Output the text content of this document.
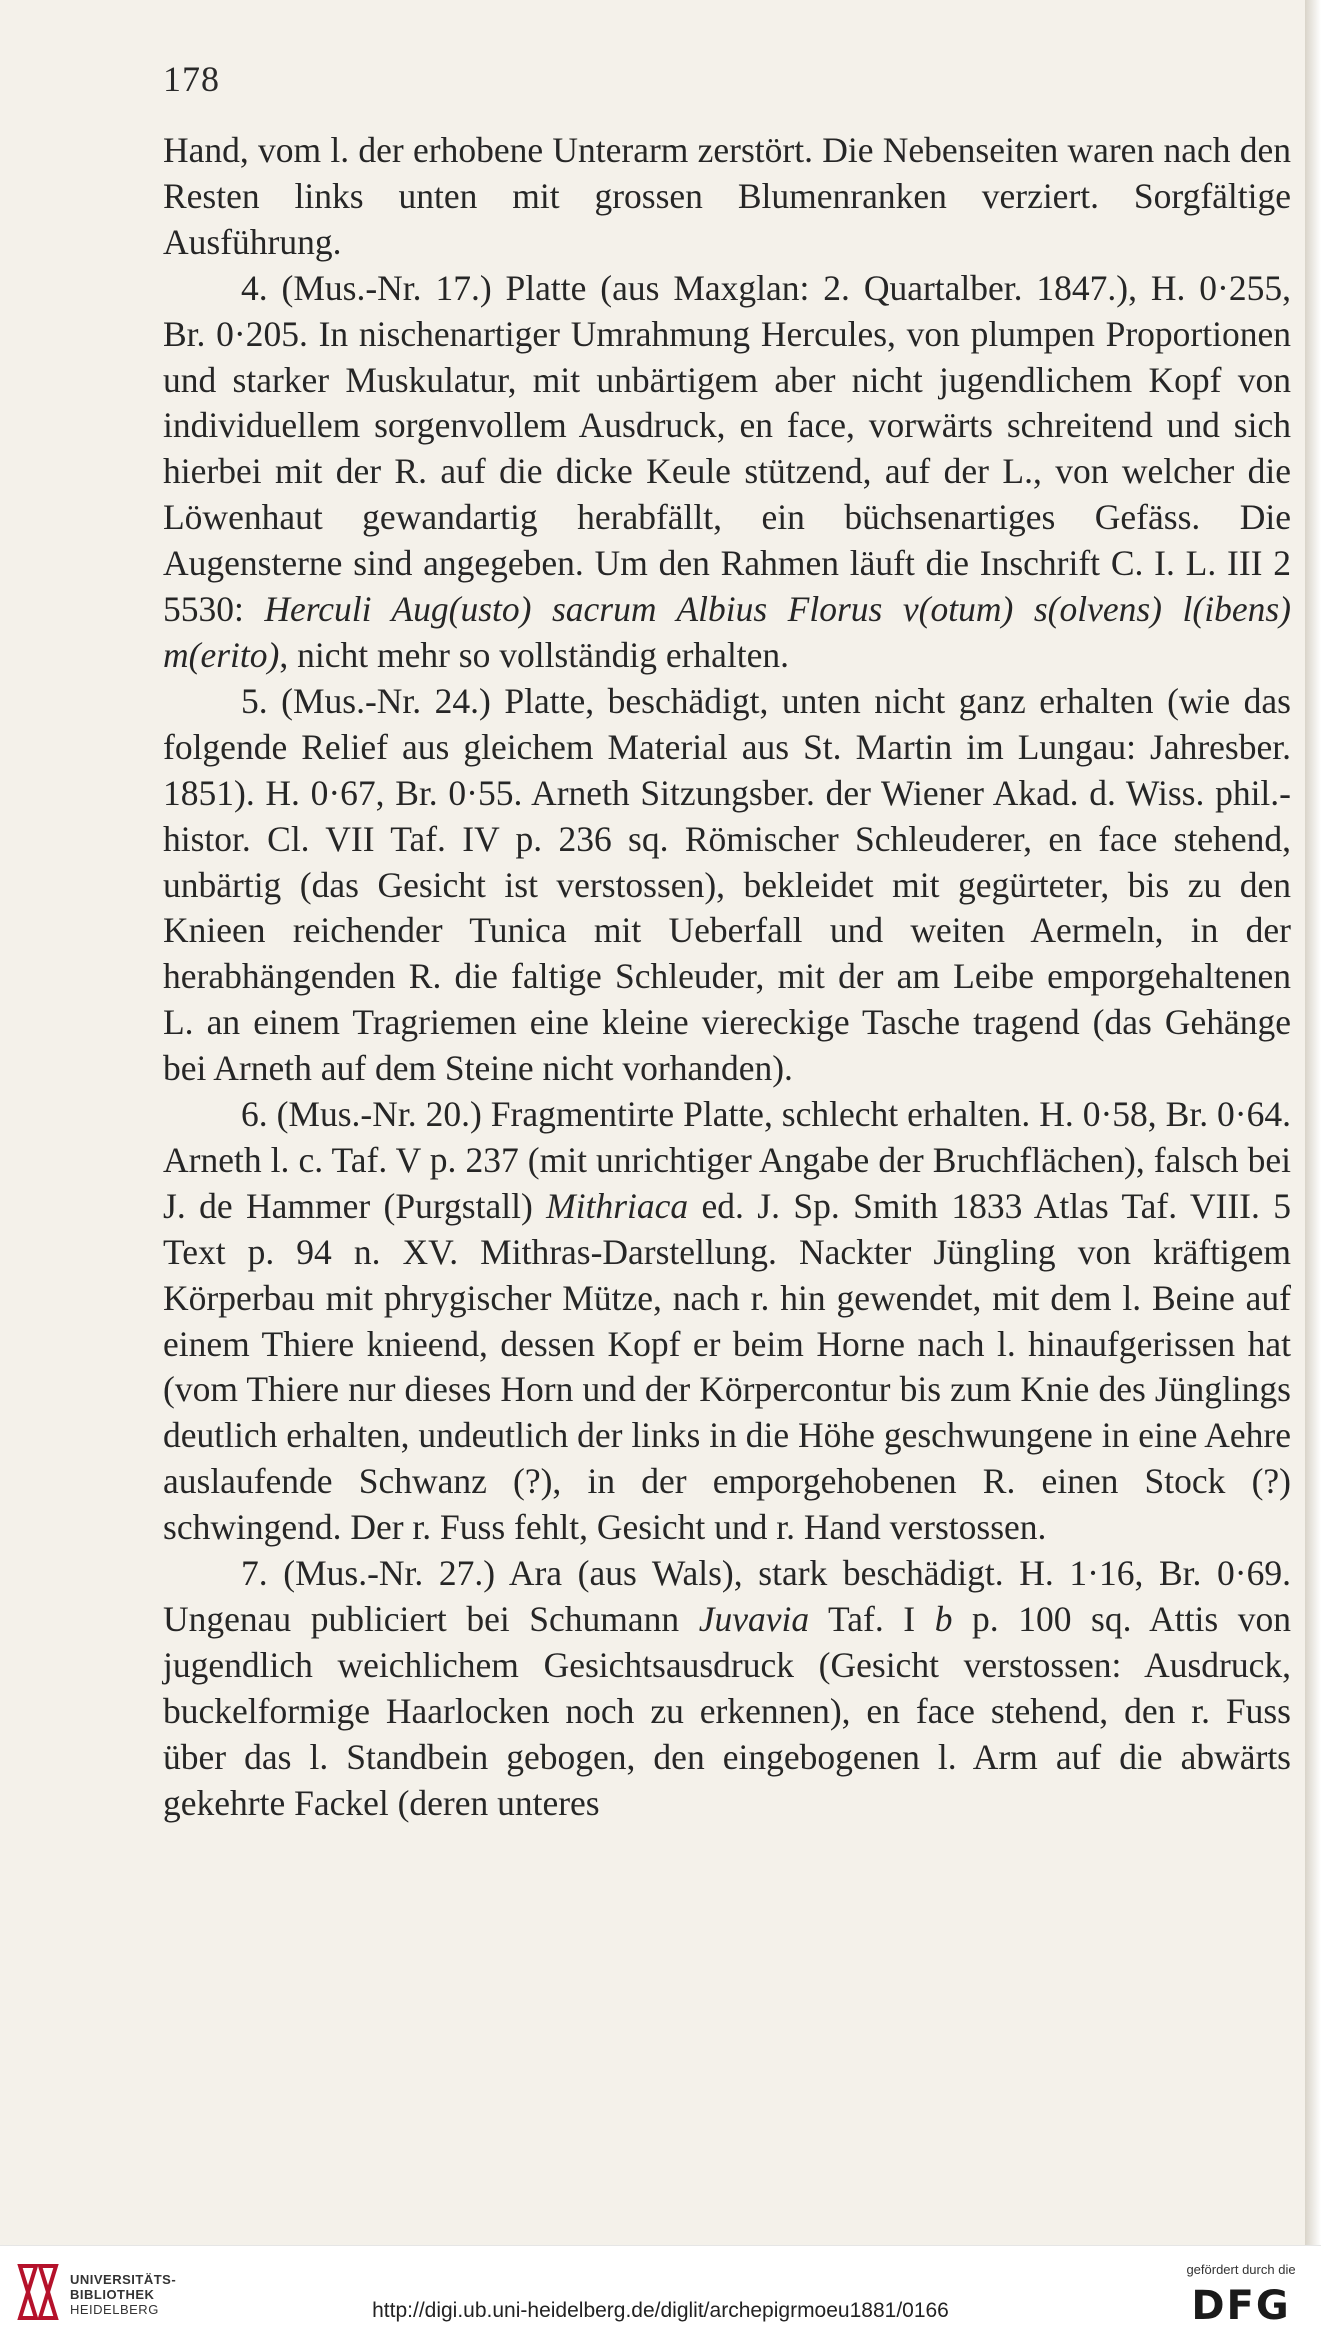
178

Hand, vom l. der erhobene Unterarm zerstört. Die Nebenseiten waren nach den Resten links unten mit grossen Blumenranken verziert. Sorgfältige Ausführung.

4. (Mus.-Nr. 17.) Platte (aus Maxglan: 2. Quartalber. 1847.), H. 0·255, Br. 0·205. In nischenartiger Umrahmung Hercules, von plumpen Proportionen und starker Muskulatur, mit unbärtigem aber nicht jugendlichem Kopf von individuellem sorgenvollem Ausdruck, en face, vorwärts schreitend und sich hierbei mit der R. auf die dicke Keule stützend, auf der L., von welcher die Löwenhaut gewandartig herabfällt, ein büchsenartiges Gefäss. Die Augensterne sind angegeben. Um den Rahmen läuft die Inschrift C. I. L. III 2 5530: Herculi Aug(usto) sacrum Albius Florus v(otum) s(olvens) l(ibens) m(erito), nicht mehr so vollständig erhalten.

5. (Mus.-Nr. 24.) Platte, beschädigt, unten nicht ganz erhalten (wie das folgende Relief aus gleichem Material aus St. Martin im Lungau: Jahresber. 1851). H. 0·67, Br. 0·55. Arneth Sitzungsber. der Wiener Akad. d. Wiss. phil.-histor. Cl. VII Taf. IV p. 236 sq. Römischer Schleuderer, en face stehend, unbärtig (das Gesicht ist verstossen), bekleidet mit gegürteter, bis zu den Knieen reichender Tunica mit Ueberfall und weiten Aermeln, in der herabhängenden R. die faltige Schleuder, mit der am Leibe emporgehaltenen L. an einem Tragriemen eine kleine viereckige Tasche tragend (das Gehänge bei Arneth auf dem Steine nicht vorhanden).

6. (Mus.-Nr. 20.) Fragmentirte Platte, schlecht erhalten. H. 0·58, Br. 0·64. Arneth l. c. Taf. V p. 237 (mit unrichtiger Angabe der Bruchflächen), falsch bei J. de Hammer (Purgstall) Mithriaca ed. J. Sp. Smith 1833 Atlas Taf. VIII. 5 Text p. 94 n. XV. Mithras-Darstellung. Nackter Jüngling von kräftigem Körperbau mit phrygischer Mütze, nach r. hin gewendet, mit dem l. Beine auf einem Thiere knieend, dessen Kopf er beim Horne nach l. hinaufgerissen hat (vom Thiere nur dieses Horn und der Körpercontur bis zum Knie des Jünglings deutlich erhalten, undeutlich der links in die Höhe geschwungene in eine Aehre auslaufende Schwanz (?), in der emporgehobenen R. einen Stock (?) schwingend. Der r. Fuss fehlt, Gesicht und r. Hand verstossen.

7. (Mus.-Nr. 27.) Ara (aus Wals), stark beschädigt. H. 1·16, Br. 0·69. Ungenau publiciert bei Schumann Juvavia Taf. I b p. 100 sq. Attis von jugendlich weichlichem Gesichtsausdruck (Gesicht verstossen: Ausdruck, buckelformige Haarlocken noch zu erkennen), en face stehend, den r. Fuss über das l. Standbein gebogen, den eingebogenen l. Arm auf die abwärts gekehrte Fackel (deren unteres

UNIVERSITÄTS-
BIBLIOTHEK
HEIDELBERG	http://digi.ub.uni-heidelberg.de/diglit/archepigrmoeu1881/0166
gefördert durch die
DFG
